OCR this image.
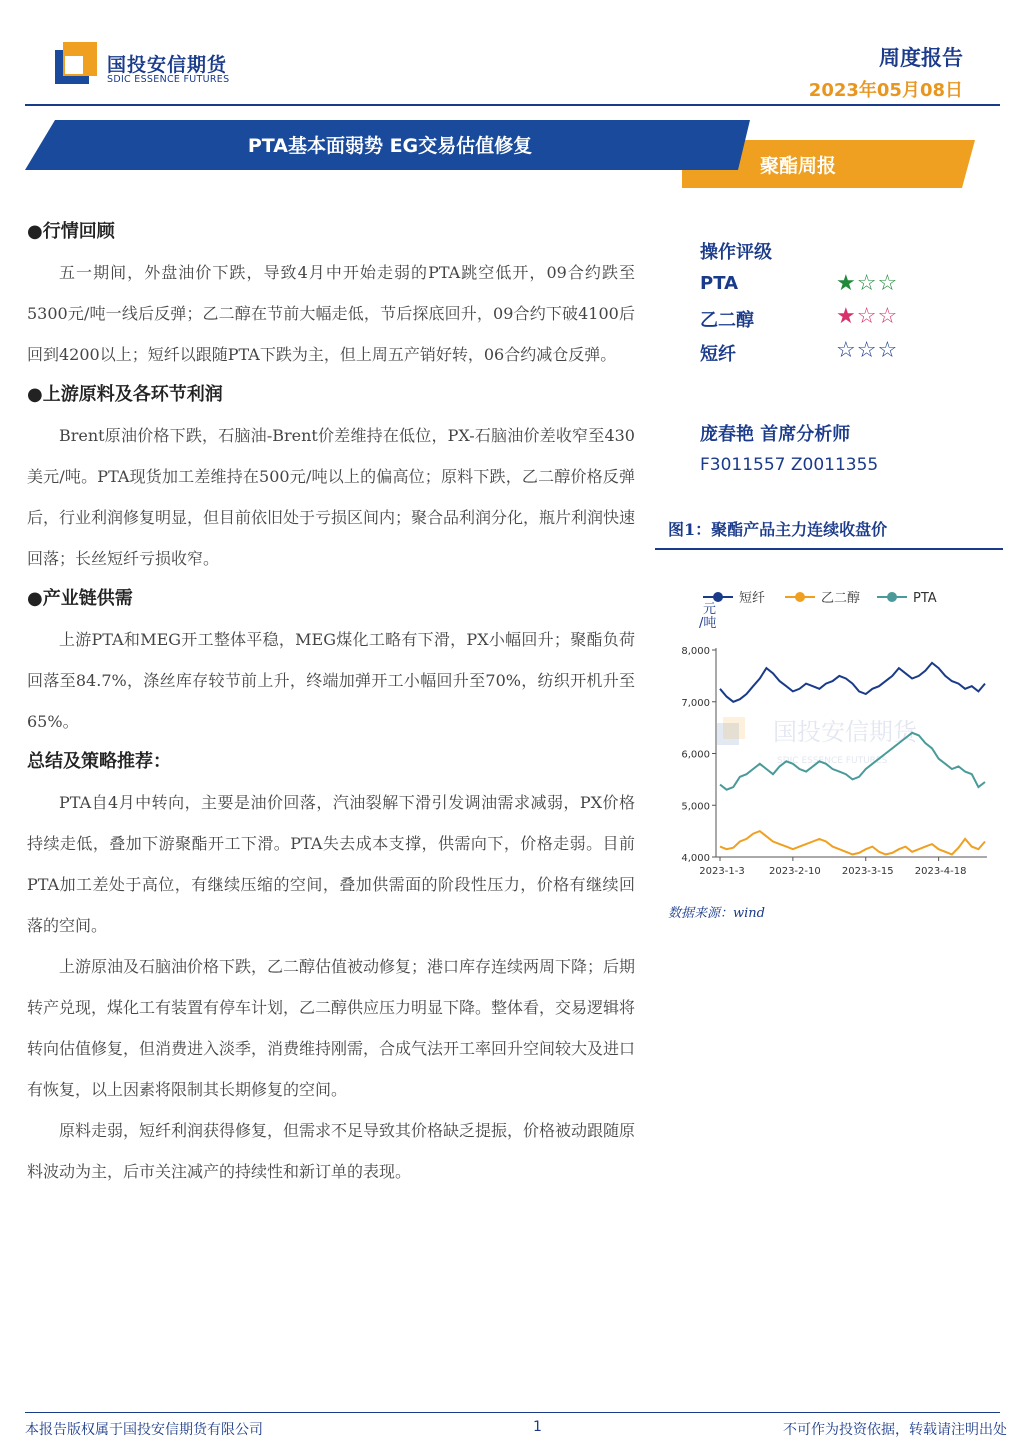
国投安信期货
SDIC ESSENCE FUTURES
周度报告
2023年05月08日
PTA基本面弱势 EG交易估值修复
聚酯周报
●行情回顾

五一期间，外盘油价下跌，导致4月中开始走弱的PTA跳空低开，09合约跌至5300元/吨一线后反弹；乙二醇在节前大幅走低，节后探底回升，09合约下破4100后回到4200以上；短纤以跟随PTA下跌为主，但上周五产销好转，06合约减仓反弹。

●上游原料及各环节利润

Brent原油价格下跌，石脑油-Brent价差维持在低位，PX-石脑油价差收窄至430美元/吨。PTA现货加工差维持在500元/吨以上的偏高位；原料下跌，乙二醇价格反弹后，行业利润修复明显，但目前依旧处于亏损区间内；聚合品利润分化，瓶片利润快速回落；长丝短纤亏损收窄。

●产业链供需

上游PTA和MEG开工整体平稳，MEG煤化工略有下滑，PX小幅回升；聚酯负荷回落至84.7%，涤丝库存较节前上升，终端加弹开工小幅回升至70%，纺织开机升至65%。

总结及策略推荐：

PTA自4月中转向，主要是油价回落，汽油裂解下滑引发调油需求减弱，PX价格持续走低，叠加下游聚酯开工下滑。PTA失去成本支撑，供需向下，价格走弱。目前PTA加工差处于高位，有继续压缩的空间，叠加供需面的阶段性压力，价格有继续回落的空间。

上游原油及石脑油价格下跌，乙二醇估值被动修复；港口库存连续两周下降；后期转产兑现，煤化工有装置有停车计划，乙二醇供应压力明显下降。整体看，交易逻辑将转向估值修复，但消费进入淡季，消费维持刚需，合成气法开工率回升空间较大及进口有恢复，以上因素将限制其长期修复的空间。

原料走弱，短纤利润获得修复，但需求不足导致其价格缺乏提振，价格被动跟随原料波动为主，后市关注减产的持续性和新订单的表现。

操作评级
PTA	★☆☆
乙二醇	★☆☆
短纤	☆☆☆
庞春艳 首席分析师
F3011557 Z0011355
图1：聚酯产品主力连续收盘价
国投安信期货
SDIC ESSENCE FUTURES
短纤	乙二醇	PTA
元/吨
4,000
5,000
6,000
7,000
8,000
2023-1-3 2023-2-10 2023-3-15 2023-4-18
数据来源：wind
本报告版权属于国投安信期货有限公司	1	不可作为投资依据，转载请注明出处
